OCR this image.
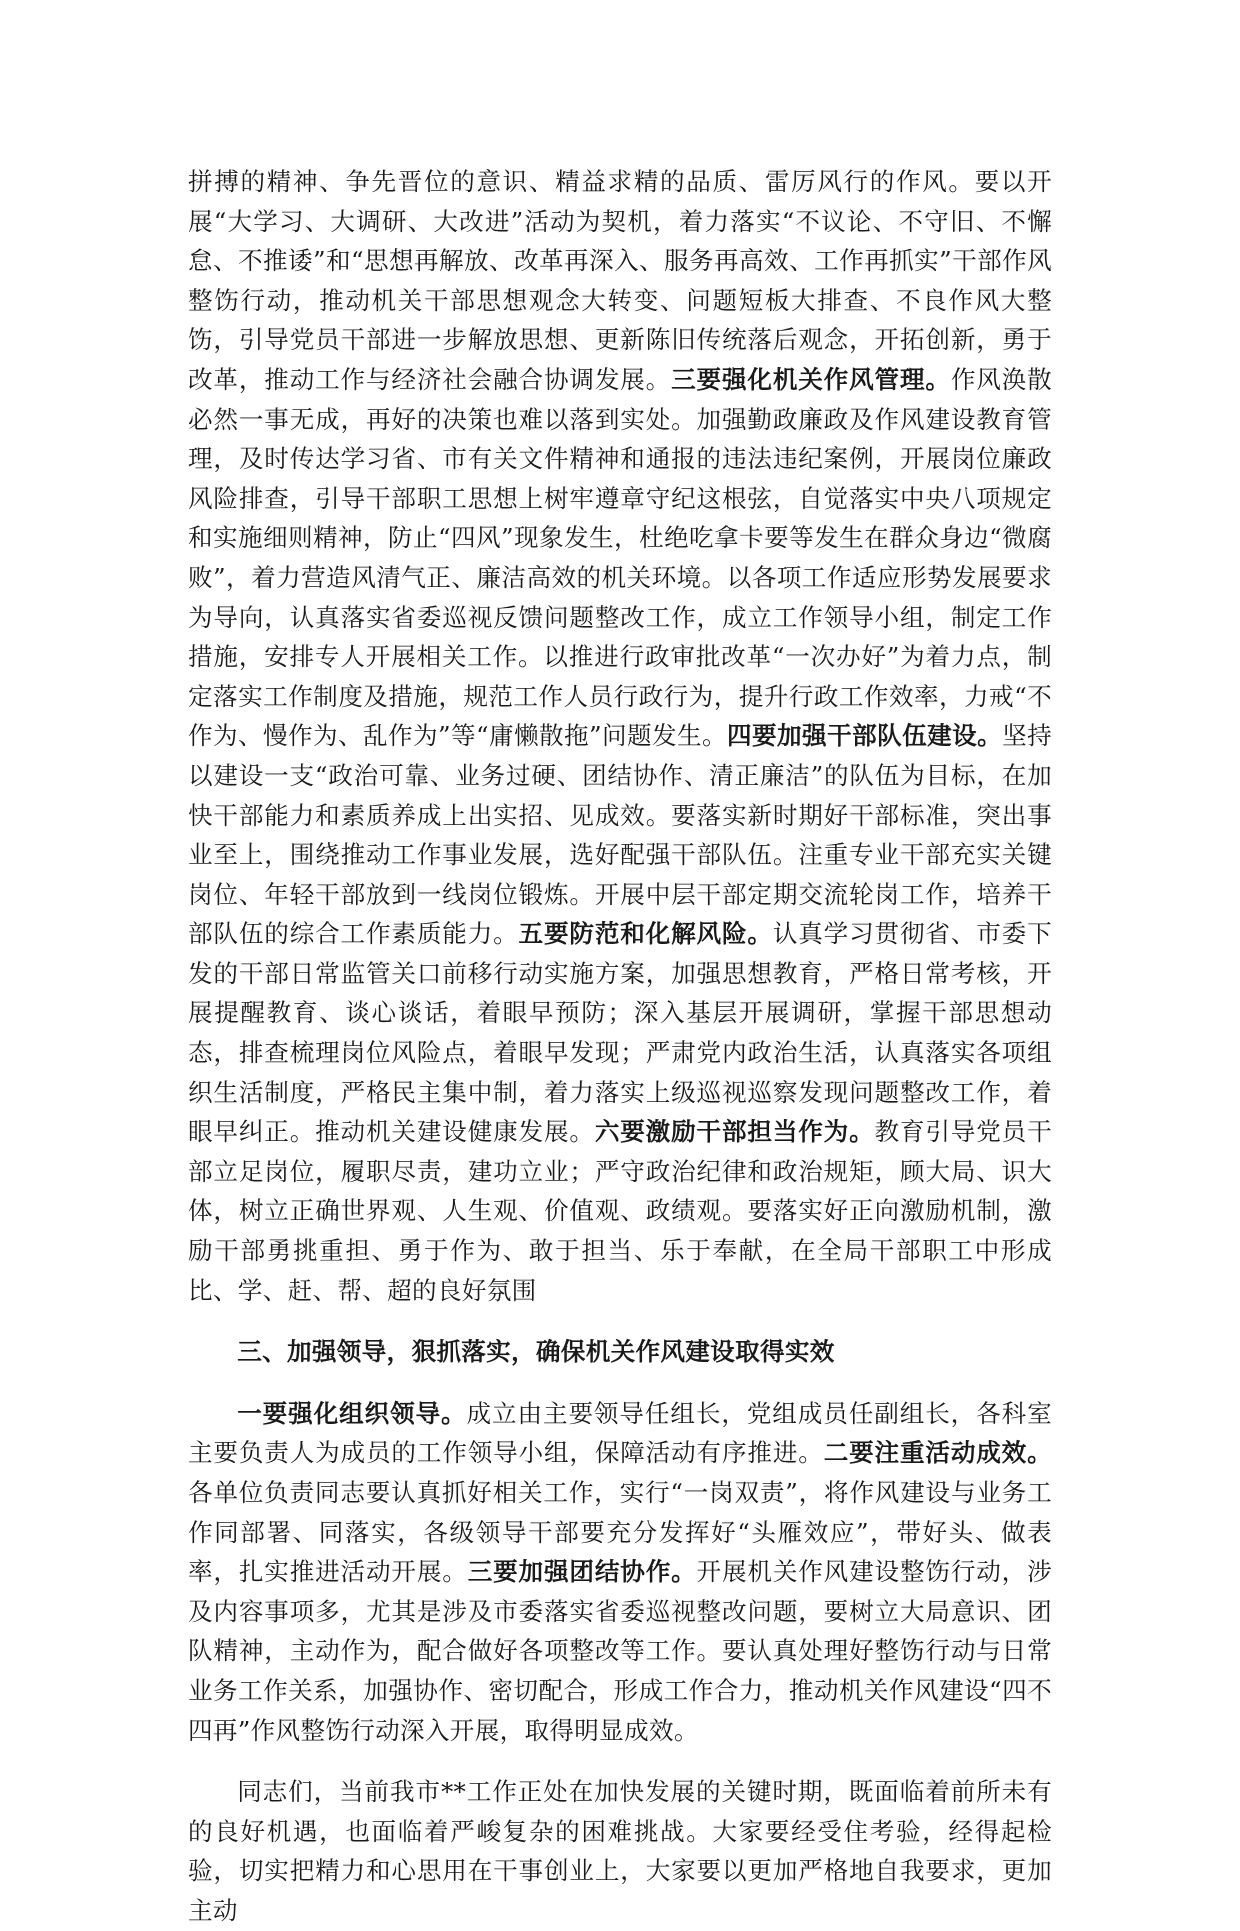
拼搏的精神、争先晋位的意识、精益求精的品质、雷厉风行的作风。要以开展“大学习、大调研、大改进”活动为契机，着力落实“不议论、不守旧、不懈怠、不推诿”和“思想再解放、改革再深入、服务再高效、工作再抓实”干部作风整饬行动，推动机关干部思想观念大转变、问题短板大排查、不良作风大整饬，引导党员干部进一步解放思想、更新陈旧传统落后观念，开拓创新，勇于改革，推动工作与经济社会融合协调发展。三要强化机关作风管理。作风涣散必然一事无成，再好的决策也难以落到实处。加强勤政廉政及作风建设教育管理，及时传达学习省、市有关文件精神和通报的违法违纪案例，开展岗位廉政风险排查，引导干部职工思想上树牢遵章守纪这根弦，自觉落实中央八项规定和实施细则精神，防止“四风”现象发生，杜绝吃拿卡要等发生在群众身边“微腐败”，着力营造风清气正、廉洁高效的机关环境。以各项工作适应形势发展要求为导向，认真落实省委巡视反馈问题整改工作，成立工作领导小组，制定工作措施，安排专人开展相关工作。以推进行政审批改革“一次办好”为着力点，制定落实工作制度及措施，规范工作人员行政行为，提升行政工作效率，力戒“不作为、慢作为、乱作为”等“庸懒散拖”问题发生。四要加强干部队伍建设。坚持以建设一支“政治可靠、业务过硬、团结协作、清正廉洁”的队伍为目标，在加快干部能力和素质养成上出实招、见成效。要落实新时期好干部标准，突出事业至上，围绕推动工作事业发展，选好配强干部队伍。注重专业干部充实关键岗位、年轻干部放到一线岗位锻炼。开展中层干部定期交流轮岗工作，培养干部队伍的综合工作素质能力。五要防范和化解风险。认真学习贯彻省、市委下发的干部日常监管关口前移行动实施方案，加强思想教育，严格日常考核，开展提醒教育、谈心谈话，着眼早预防；深入基层开展调研，掌握干部思想动态，排查梳理岗位风险点，着眼早发现；严肃党内政治生活，认真落实各项组织生活制度，严格民主集中制，着力落实上级巡视巡察发现问题整改工作，着眼早纠正。推动机关建设健康发展。六要激励干部担当作为。教育引导党员干部立足岗位，履职尽责，建功立业；严守政治纪律和政治规矩，顾大局、识大体，树立正确世界观、人生观、价值观、政绩观。要落实好正向激励机制，激励干部勇挑重担、勇于作为、敢于担当、乐于奉献，在全局干部职工中形成比、学、赶、帮、超的良好氛围

三、加强领导，狠抓落实，确保机关作风建设取得实效

一要强化组织领导。成立由主要领导任组长，党组成员任副组长，各科室主要负责人为成员的工作领导小组，保障活动有序推进。二要注重活动成效。各单位负责同志要认真抓好相关工作，实行“一岗双责”，将作风建设与业务工作同部署、同落实，各级领导干部要充分发挥好“头雁效应”，带好头、做表率，扎实推进活动开展。三要加强团结协作。开展机关作风建设整饬行动，涉及内容事项多，尤其是涉及市委落实省委巡视整改问题，要树立大局意识、团队精神，主动作为，配合做好各项整改等工作。要认真处理好整饬行动与日常业务工作关系，加强协作、密切配合，形成工作合力，推动机关作风建设“四不四再”作风整饬行动深入开展，取得明显成效。

同志们，当前我市**工作正处在加快发展的关键时期，既面临着前所未有的良好机遇，也面临着严峻复杂的困难挑战。大家要经受住考验，经得起检验，切实把精力和心思用在干事创业上，大家要以更加严格地自我要求，更加主动
